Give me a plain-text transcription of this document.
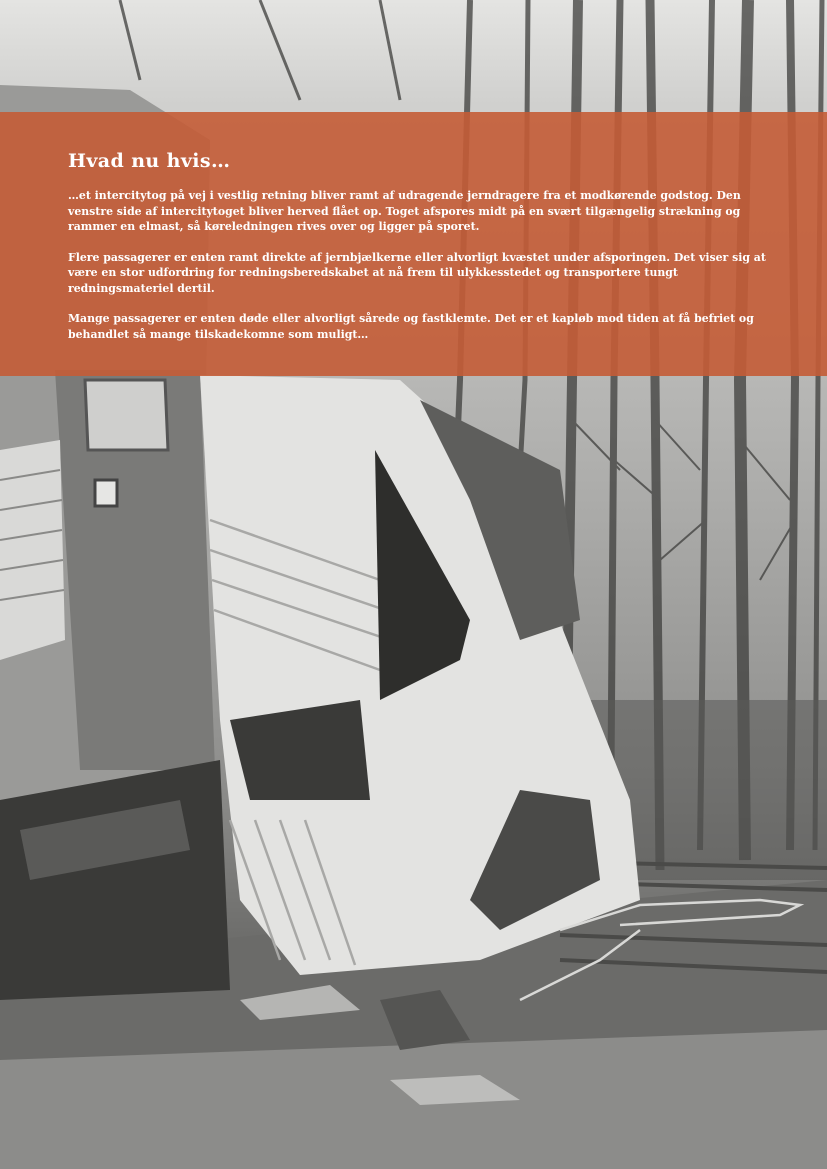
Hvad nu hvis…

…et intercitytog på vej i vestlig retning bliver ramt af udragende jerndragere fra et modkørende godstog. Den venstre side af intercitytoget bliver herved flået op. Toget afspores midt på en svært tilgængelig strækning og rammer en elmast, så køreledningen rives over og ligger på sporet.

Flere passagerer er enten ramt direkte af jernbjælkerne eller alvorligt kvæstet under afsporingen. Det viser sig at være en stor udfordring for redningsberedskabet at nå frem til ulykkesstedet og transportere tungt redningsmateriel dertil.

Mange passagerer er enten døde eller alvorligt sårede og fastklemte. Det er et kapløb mod tiden at få befriet og behandlet så mange tilskadekomne som muligt…
